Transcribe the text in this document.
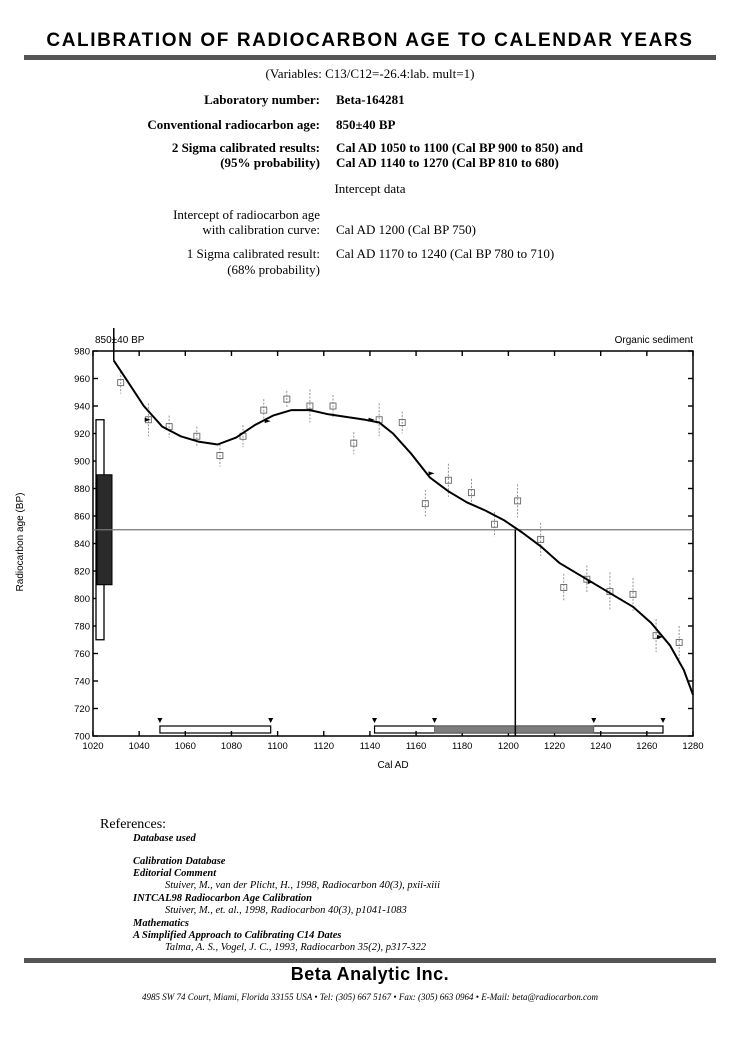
CALIBRATION OF RADIOCARBON AGE TO CALENDAR YEARS
(Variables: C13/C12=-26.4:lab. mult=1)
Laboratory number: Beta-164281
Conventional radiocarbon age: 850±40 BP
2 Sigma calibrated results:
(95% probability)
Cal AD 1050 to 1100 (Cal BP 900 to 850) and
Cal AD 1140 to 1270 (Cal BP 810 to 680)
Intercept data
Intercept of radiocarbon age
with calibration curve: Cal AD 1200 (Cal BP 750)
1 Sigma calibrated result:
(68% probability)
Cal AD 1170 to 1240 (Cal BP 780 to 710)
850±40 BP	Organic sediment
Cal AD
Radiocarbon age (BP)
1020	1040	1060	1080	1100	1120	1140	1160	1180	1200	1220	1240	1260	1280
700
720
740
760
780
800
820
840
860
880
900
920
940
960
980
References:
Database used
Calibration Database
Editorial Comment
Stuiver, M., van der Plicht, H., 1998, Radiocarbon 40(3), pxii-xiii
INTCAL98 Radiocarbon Age Calibration
Stuiver, M., et. al., 1998, Radiocarbon 40(3), p1041-1083
Mathematics
A Simplified Approach to Calibrating C14 Dates
Talma, A. S., Vogel, J. C., 1993, Radiocarbon 35(2), p317-322
Beta Analytic Inc.
4985 SW 74 Court, Miami, Florida 33155 USA • Tel: (305) 667 5167 • Fax: (305) 663 0964 • E-Mail: beta@radiocarbon.com
